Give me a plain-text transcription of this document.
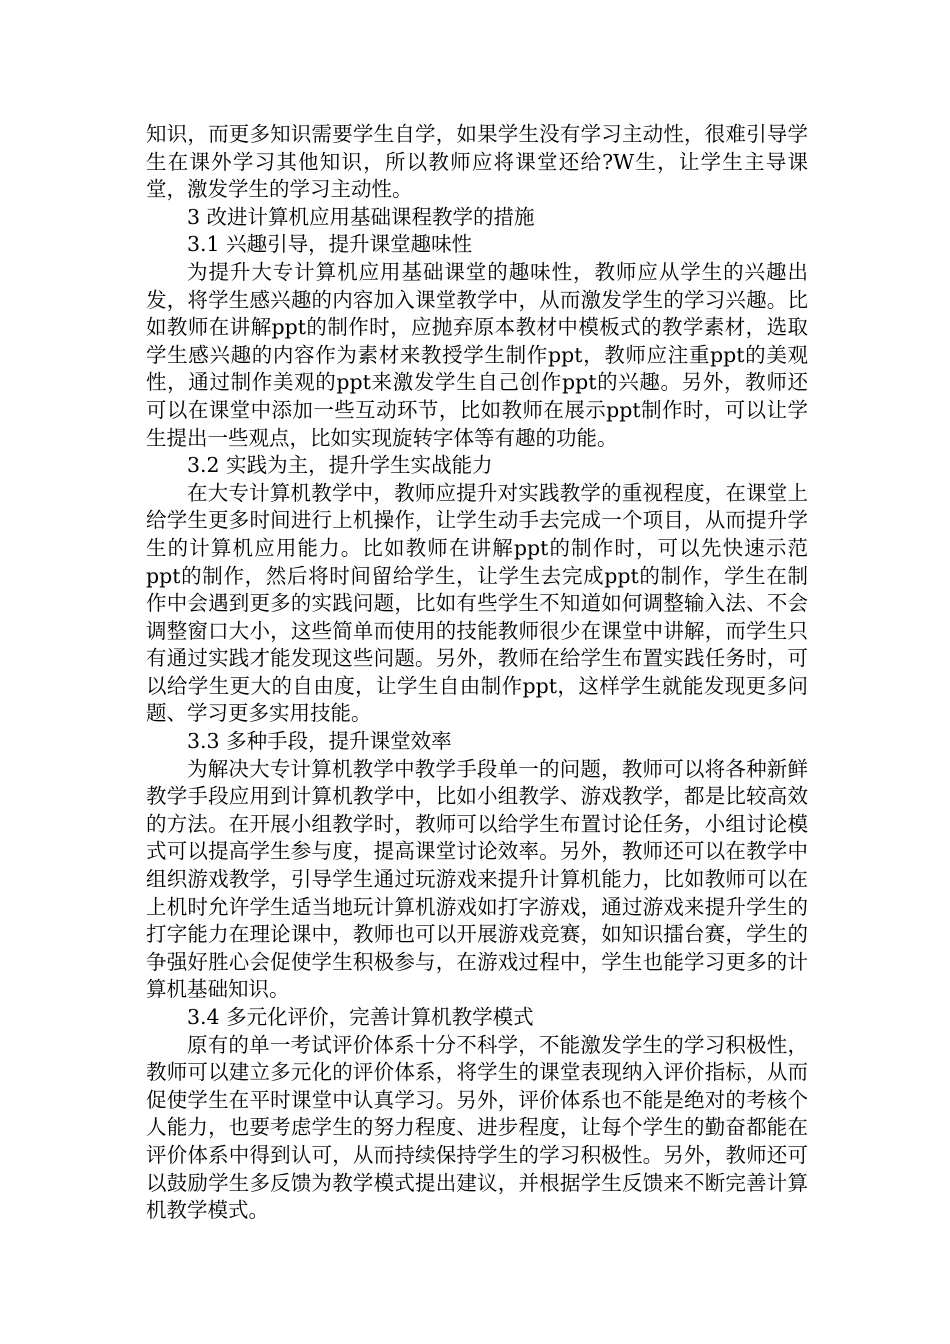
知识，而更多知识需要学生自学，如果学生没有学习主动性，很难引导学生在课外学习其他知识，所以教师应将课堂还给?W生，让学生主导课堂，激发学生的学习主动性。

3 改进计算机应用基础课程教学的措施
3.1 兴趣引导，提升课堂趣味性

为提升大专计算机应用基础课堂的趣味性，教师应从学生的兴趣出发，将学生感兴趣的内容加入课堂教学中，从而激发学生的学习兴趣。比如教师在讲解ppt的制作时，应抛弃原本教材中模板式的教学素材，选取学生感兴趣的内容作为素材来教授学生制作ppt，教师应注重ppt的美观性，通过制作美观的ppt来激发学生自己创作ppt的兴趣。另外，教师还可以在课堂中添加一些互动环节，比如教师在展示ppt制作时，可以让学生提出一些观点，比如实现旋转字体等有趣的功能。

3.2 实践为主，提升学生实战能力

在大专计算机教学中，教师应提升对实践教学的重视程度，在课堂上给学生更多时间进行上机操作，让学生动手去完成一个项目，从而提升学生的计算机应用能力。比如教师在讲解ppt的制作时，可以先快速示范ppt的制作，然后将时间留给学生，让学生去完成ppt的制作，学生在制作中会遇到更多的实践问题，比如有些学生不知道如何调整输入法、不会调整窗口大小，这些简单而使用的技能教师很少在课堂中讲解，而学生只有通过实践才能发现这些问题。另外，教师在给学生布置实践任务时，可以给学生更大的自由度，让学生自由制作ppt，这样学生就能发现更多问题、学习更多实用技能。

3.3 多种手段，提升课堂效率

为解决大专计算机教学中教学手段单一的问题，教师可以将各种新鲜教学手段应用到计算机教学中，比如小组教学、游戏教学，都是比较高效的方法。在开展小组教学时，教师可以给学生布置讨论任务，小组讨论模式可以提高学生参与度，提高课堂讨论效率。另外，教师还可以在教学中组织游戏教学，引导学生通过玩游戏来提升计算机能力，比如教师可以在上机时允许学生适当地玩计算机游戏如打字游戏，通过游戏来提升学生的打字能力在理论课中，教师也可以开展游戏竞赛，如知识擂台赛，学生的争强好胜心会促使学生积极参与，在游戏过程中，学生也能学习更多的计算机基础知识。

3.4 多元化评价，完善计算机教学模式

原有的单一考试评价体系十分不科学，不能激发学生的学习积极性，教师可以建立多元化的评价体系，将学生的课堂表现纳入评价指标，从而促使学生在平时课堂中认真学习。另外，评价体系也不能是绝对的考核个人能力，也要考虑学生的努力程度、进步程度，让每个学生的勤奋都能在评价体系中得到认可，从而持续保持学生的学习积极性。另外，教师还可以鼓励学生多反馈为教学模式提出建议，并根据学生反馈来不断完善计算机教学模式。
